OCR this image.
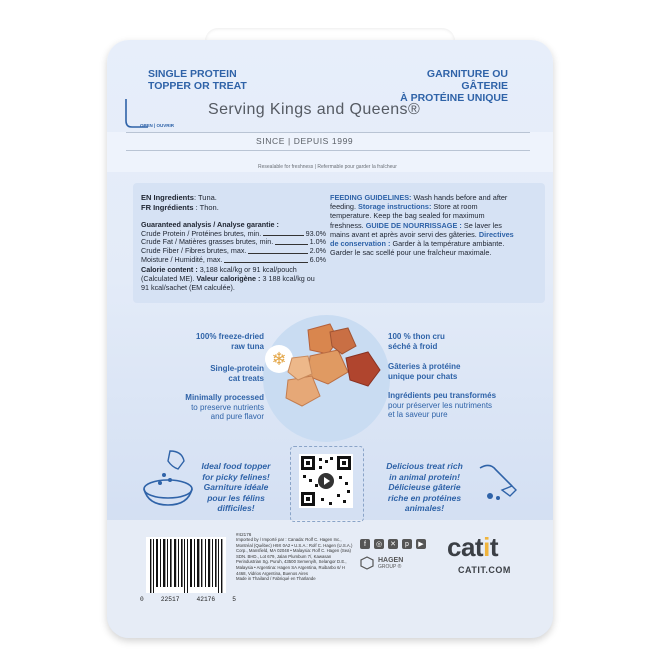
SINGLE PROTEIN
TOPPER OR TREAT
GARNITURE OU GÂTERIE
À PROTÉINE UNIQUE
OPEN | OUVRIR
Serving Kings and Queens®
SINCE | DEPUIS 1999
Resealable for freshness | Refermable pour garder la fraîcheur
EN Ingredients: Tuna.
FR Ingrédients : Thon.
Guaranteed analysis / Analyse garantie :
Crude Protein / Protéines brutes, min.	93.0%
Crude Fat / Matières grasses brutes, min.	1.0%
Crude Fiber / Fibres brutes, max.	2.0%
Moisture / Humidité, max.	6.0%
Calorie content : 3,188 kcal/kg or 91 kcal/pouch (Calculated ME). Valeur calorigène : 3 188 kcal/kg ou 91 kcal/sachet (EM calculée).
FEEDING GUIDELINES: Wash hands before and after feeding. Storage instructions: Store at room temperature. Keep the bag sealed for maximum freshness. GUIDE DE NOURRISSAGE : Se laver les mains avant et après avoir servi des gâteries. Directives de conservation : Garder à la température ambiante. Garder le sac scellé pour une fraîcheur maximale.
❄
100% freeze-dried
raw tuna
Single-protein
cat treats
Minimally processed
to preserve nutrients
and pure flavor
100 % thon cru
séché à froid
Gâteries à protéine
unique pour chats
Ingrédients peu transformés
pour préserver les nutriments
et la saveur pure
Ideal food topper
for picky felines!
Garniture idéale
pour les félins
difficiles!
Delicious treat rich
in animal protein!
Délicieuse gâterie
riche en protéines
animales!
#42176
Imported by / Importé par : Canada: Rolf C. Hagen Inc., Montréal (Québec) H9X 0A2 • U.S.A.: Rolf C. Hagen (U.S.A.) Corp., Mansfield, MA 02048 • Malaysia: Rolf C. Hagen (Sea) SDN. BHD., Lot 679, Jalan Plumbum 7/, Kawasan Perindustrian Sg. Puruh, 43500 Semenyih, Selangor D.E., Malaysia • Argentina: Hagen SA Argentina, Ruibarbo 6/ H 4468, Vidrios Argentina, Buenos Aires
Made in Thailand / Fabriqué en Thaïlande
0	22517	42176	5
f	◎ ✕	p	▶
HAGEN
GROUP ®
catit
CATIT.COM
